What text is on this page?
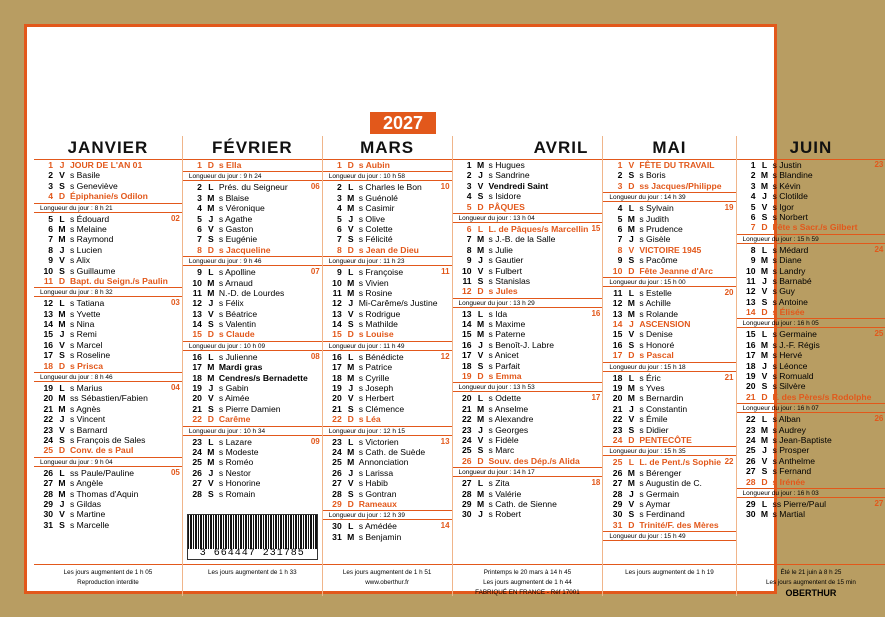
2027
JANVIER
1 J JOUR DE L'AN 01
2 V s Basile
3 S s Geneviève
4 D Épiphanie/s Odilon
Longueur du jour : 8 h 21
5 L s Édouard	02
6 M s Melaine
7 M s Raymond
8 J s Lucien
9 V s Alix
10 S s Guillaume
11 D Bapt. du Seign./s Paulin
Longueur du jour : 8 h 32
12 L s Tatiana	03
13 M s Yvette
14 M s Nina
15 J s Remi
16 V s Marcel
17 S s Roseline
18 D s Prisca
Longueur du jour : 8 h 46
19 L s Marius	04
20 M ss Sébastien/Fabien
21 M s Agnès
22 J s Vincent
23 V s Barnard
24 S s François de Sales
25 D Conv. de s Paul
Longueur du jour : 9 h 04
26 L ss Paule/Pauline	05
27 M s Angèle
28 M s Thomas d'Aquin
29 J s Gildas
30 V s Martine
31 S s Marcelle
Les jours augmentent de 1 h 05
Reproduction interdite
FÉVRIER
1 D s Ella
Longueur du jour : 9 h 24
2 L Prés. du Seigneur	06
3 M s Blaise
4 M s Véronique
5 J s Agathe
6 V s Gaston
7 S s Eugénie
8 D s Jacqueline
Longueur du jour : 9 h 46
9 L s Apolline	07
10 M s Arnaud
11 M N.-D. de Lourdes
12 J s Félix
13 V s Béatrice
14 S s Valentin
15 D s Claude
Longueur du jour : 10 h 09
16 L s Julienne	08
17 M Mardi gras
18 M Cendres/s Bernadette
19 J s Gabin
20 V s Aimée
21 S s Pierre Damien
22 D Carême
Longueur du jour : 10 h 34
23 L s Lazare	09
24 M s Modeste
25 M s Roméo
26 J s Nestor
27 V s Honorine
28 S s Romain
3 664447 231785
Les jours augmentent de 1 h 33
MARS
1 D s Aubin
Longueur du jour : 10 h 58
2 L s Charles le Bon	10
3 M s Guénolé
4 M s Casimir
5 J s Olive
6 V s Colette
7 S s Félicité
8 D s Jean de Dieu
Longueur du jour : 11 h 23
9 L s Françoise	11
10 M s Vivien
11 M s Rosine
12 J Mi-Carême/s Justine
13 V s Rodrigue
14 S s Mathilde
15 D s Louise
Longueur du jour : 11 h 49
16 L s Bénédicte	12
17 M s Patrice
18 M s Cyrille
19 J s Joseph
20 V s Herbert
21 S s Clémence
22 D s Léa
Longueur du jour : 12 h 15
23 L s Victorien	13
24 M s Cath. de Suède
25 M Annonciation
26 J s Larissa
27 V s Habib
28 S s Gontran
29 D Rameaux
Longueur du jour : 12 h 39
30 L s Amédée	14
31 M s Benjamin
Les jours augmentent de 1 h 51
www.oberthur.fr
AVRIL
1 M s Hugues
2 J s Sandrine
3 V Vendredi Saint
4 S s Isidore
5 D PÂQUES
Longueur du jour : 13 h 04
6 L L. de Pâques/s Marcellin 15
7 M s J.-B. de la Salle
8 M s Julie
9 J s Gautier
10 V s Fulbert
11 S s Stanislas
12 D s Jules
Longueur du jour : 13 h 29
13 L s Ida	16
14 M s Maxime
15 M s Paterne
16 J s Benoît-J. Labre
17 V s Anicet
18 S s Parfait
19 D s Emma
Longueur du jour : 13 h 53
20 L s Odette	17
21 M s Anselme
22 M s Alexandre
23 J s Georges
24 V s Fidèle
25 S s Marc
26 D Souv. des Dép./s Alida
Longueur du jour : 14 h 17
27 L s Zita	18
28 M s Valérie
29 M s Cath. de Sienne
30 J s Robert
Printemps le 20 mars à 14 h 45
Les jours augmentent de 1 h 44
FABRIQUÉ EN FRANCE - Réf 17001
MAI
1 V FÊTE DU TRAVAIL
2 S s Boris
3 D ss Jacques/Philippe
Longueur du jour : 14 h 39
4 L s Sylvain	19
5 M s Judith
6 M s Prudence
7 J s Gisèle
8 V VICTOIRE 1945
9 S s Pacôme
10 D Fête Jeanne d'Arc
Longueur du jour : 15 h 00
11 L s Estelle	20
12 M s Achille
13 M s Rolande
14 J ASCENSION
15 V s Denise
16 S s Honoré
17 D s Pascal
Longueur du jour : 15 h 18
18 L s Éric	21
19 M s Yves
20 M s Bernardin
21 J s Constantin
22 V s Émile
23 S s Didier
24 D PENTECÔTE
Longueur du jour : 15 h 35
25 L L. de Pent./s Sophie 22
26 M s Bérenger
27 M s Augustin de C.
28 J s Germain
29 V s Aymar
30 S s Ferdinand
31 D Trinité/F. des Mères
Longueur du jour : 15 h 49
Les jours augmentent de 1 h 19
JUIN
1 L s Justin	23
2 M s Blandine
3 M s Kévin
4 J s Clotilde
5 V s Igor
6 S s Norbert
7 D Fête s Sacr./s Gilbert
Longueur du jour : 15 h 59
8 L s Médard	24
9 M s Diane
10 M s Landry
11 J s Barnabé
12 V s Guy
13 S s Antoine
14 D s Élisée
Longueur du jour : 16 h 05
15 L s Germaine	25
16 M s J.-F. Régis
17 M s Hervé
18 J s Léonce
19 V s Romuald
20 S s Silvère
21 D F. des Pères/s Rodolphe
Longueur du jour : 16 h 07
22 L s Alban	26
23 M s Audrey
24 M s Jean-Baptiste
25 J s Prosper
26 V s Anthelme
27 S s Fernand
28 D s Irénée
Longueur du jour : 16 h 03
29 L ss Pierre/Paul	27
30 M s Martial
Été le 21 juin à 8 h 25
Les jours augmentent de 15 min
OBERTHUR
